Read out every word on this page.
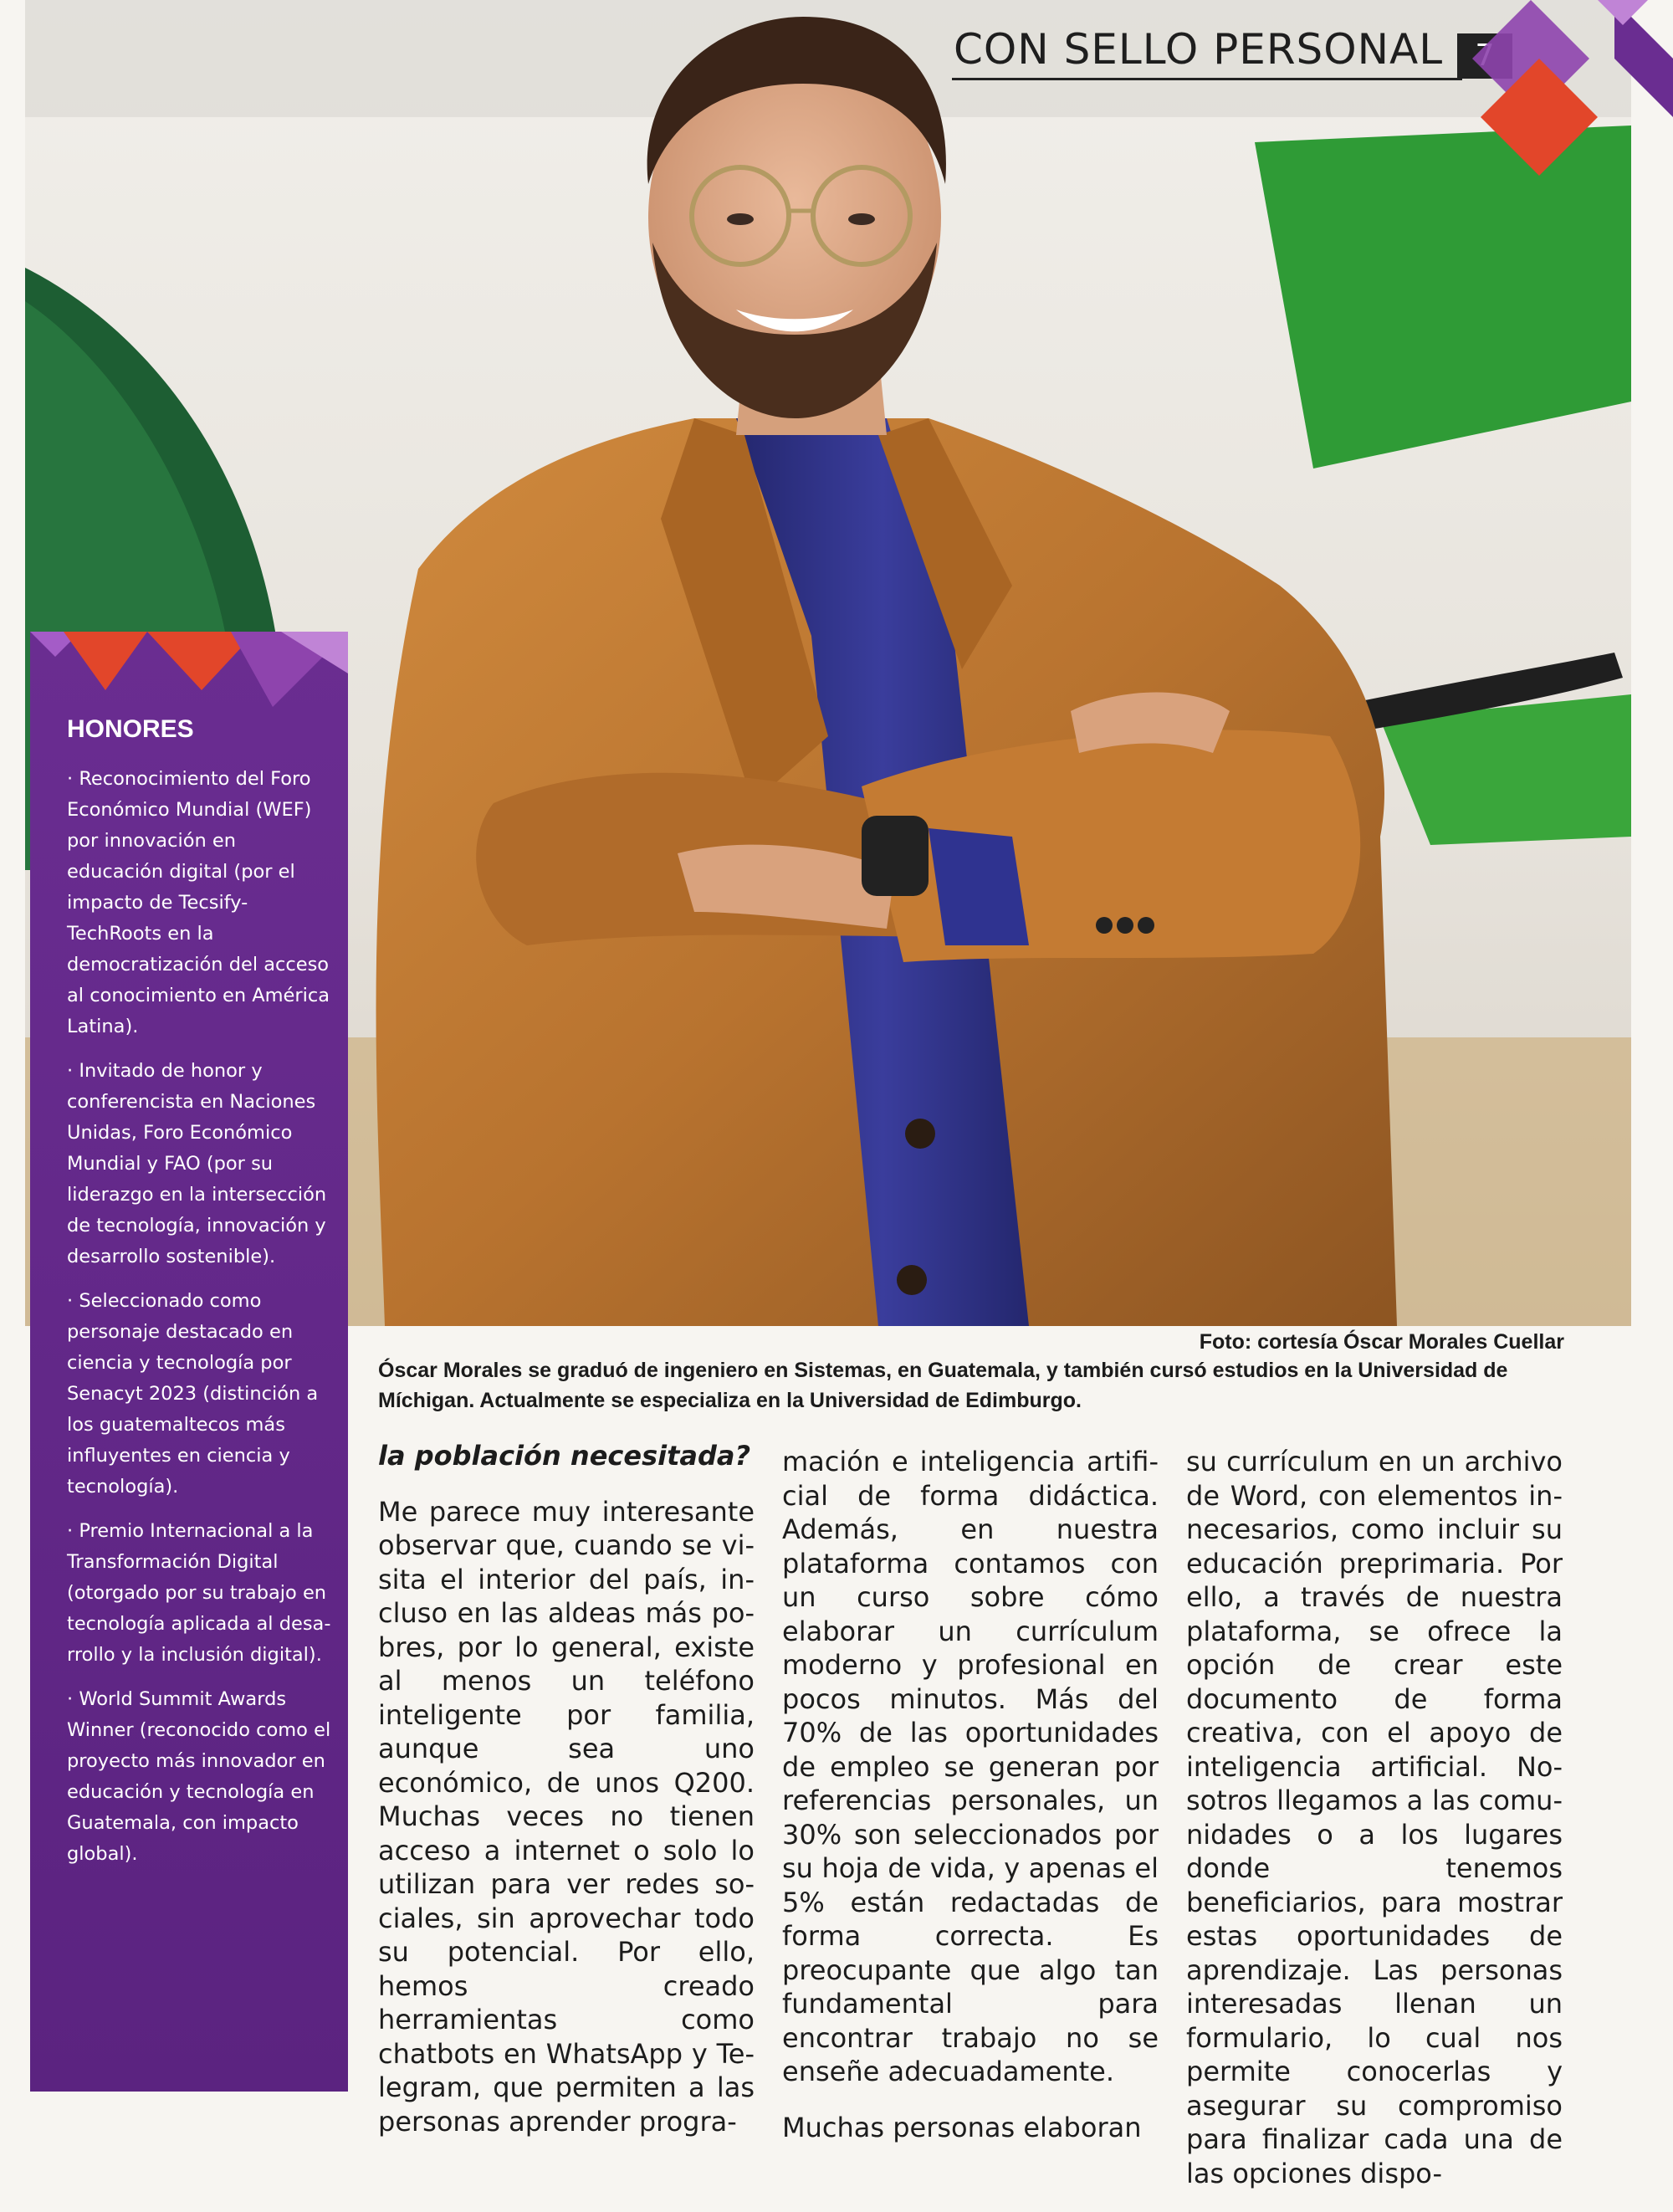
CON SELLO PERSONAL
Foto: cortesía Óscar Morales Cuellar
Óscar Morales se graduó de ingeniero en Sistemas, en Guatemala, y también cursó estudios en la Universidad de Míchigan. Actualmente se especializa en la Universidad de Edimburgo.
HONORES
· Reconocimiento del Foro Económico Mundial (WEF) por innovación en educación digital (por el impacto de Tecsify-TechRoots en la democratización del acceso al conocimiento en América Latina).
· Invitado de honor y conferencista en Naciones Unidas, Foro Económico Mundial y FAO (por su liderazgo en la intersección de tecnología, innovación y desarrollo sostenible).
· Seleccionado como personaje destacado en ciencia y tecnología por Senacyt 2023 (distinción a los guatemaltecos más influyentes en ciencia y tecnología).
· Premio Internacional a la Transformación Digital (otorgado por su trabajo en tecnología aplicada al desarrollo y la inclusión digital).
· World Summit Awards Winner (reconocido como el proyecto más innovador en educación y tecnología en Guatemala, con impacto global).

la población necesitada?

Me parece muy interesante observar que, cuando se visita el interior del país, incluso en las aldeas más pobres, por lo general, existe al menos un teléfono inteligente por familia, aunque sea uno económico, de unos Q200. Muchas veces no tienen acceso a internet o solo lo utilizan para ver redes sociales, sin aprovechar todo su potencial. Por ello, hemos creado herramientas como chatbots en WhatsApp y Telegram, que permiten a las personas aprender progra-

mación e inteligencia artificial de forma didáctica. Además, en nuestra plataforma contamos con un curso sobre cómo elaborar un currículum moderno y profesional en pocos minutos. Más del 70% de las oportunidades de empleo se generan por referencias personales, un 30% son seleccionados por su hoja de vida, y apenas el 5% están redactadas de forma correcta. Es preocupante que algo tan fundamental para encontrar trabajo no se enseñe adecuadamente.

Muchas personas elaboran

su currículum en un archivo de Word, con elementos innecesarios, como incluir su educación preprimaria. Por ello, a través de nuestra plataforma, se ofrece la opción de crear este documento de forma creativa, con el apoyo de inteligencia artificial. Nosotros llegamos a las comunidades o a los lugares donde tenemos beneficiarios, para mostrar estas oportunidades de aprendizaje. Las personas interesadas llenan un formulario, lo cual nos permite conocerlas y asegurar su compromiso para finalizar cada una de las opciones dispo-
